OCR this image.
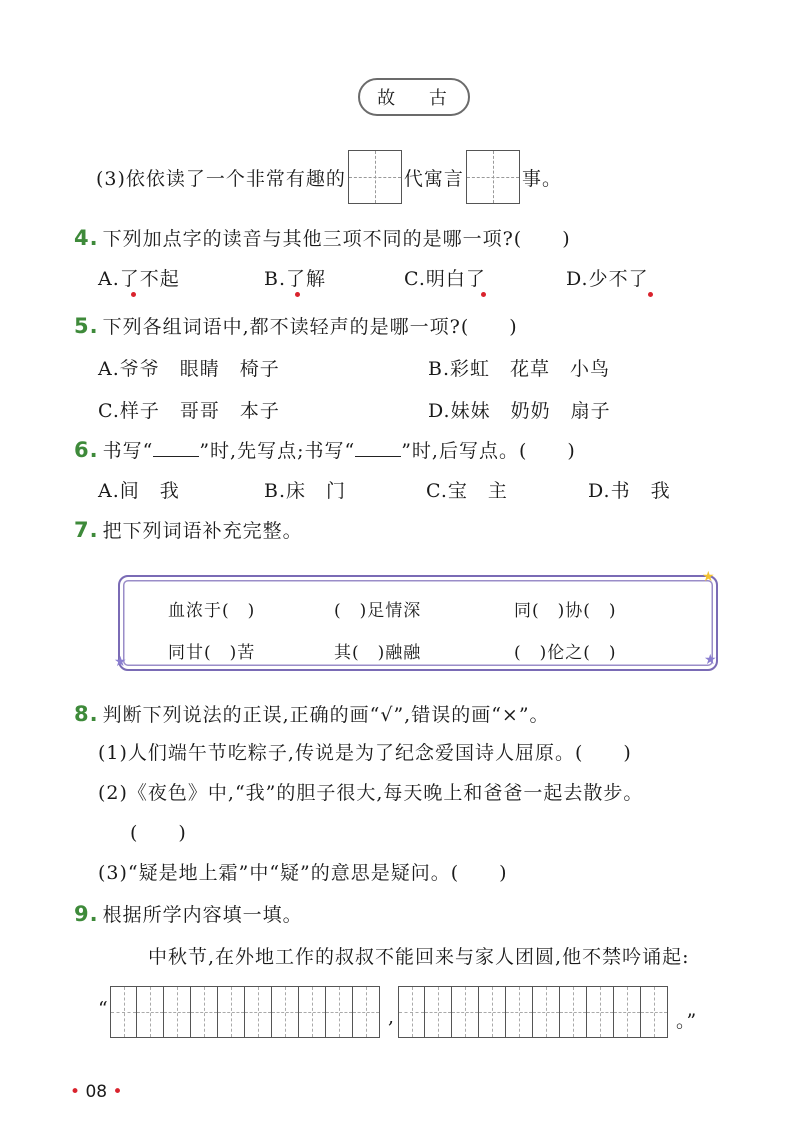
故 古
(3)依依读了一个非常有趣的	代寓言	事。
4. 下列加点字的读音与其他三项不同的是哪一项?(　　)
A.了不起	B.了解	C.明白了	D.少不了
5. 下列各组词语中,都不读轻声的是哪一项?(　　)
A.爷爷　眼睛　椅子	B.彩虹　花草　小鸟
C.样子　哥哥　本子	D.妹妹　奶奶　扇子
6. 书写“ ”时,先写点;书写“ ”时,后写点。(　　)
A.间　我	B.床　门	C.宝　主	D.书　我
7. 把下列词语补充完整。
★
★
★
血浓于(　)	(　)足情深	同(　)协(　)
同甘(　)苦	其(　)融融	(　)伦之(　)
8. 判断下列说法的正误,正确的画“√”,错误的画“×”。
(1)人们端午节吃粽子,传说是为了纪念爱国诗人屈原。(　　)
(2)《夜色》中,“我”的胆子很大,每天晚上和爸爸一起去散步。
(　　)
(3)“疑是地上霜”中“疑”的意思是疑问。(　　)
9. 根据所学内容填一填。
中秋节,在外地工作的叔叔不能回来与家人团圆,他不禁吟诵起:
“	,	。”
• 08 •
